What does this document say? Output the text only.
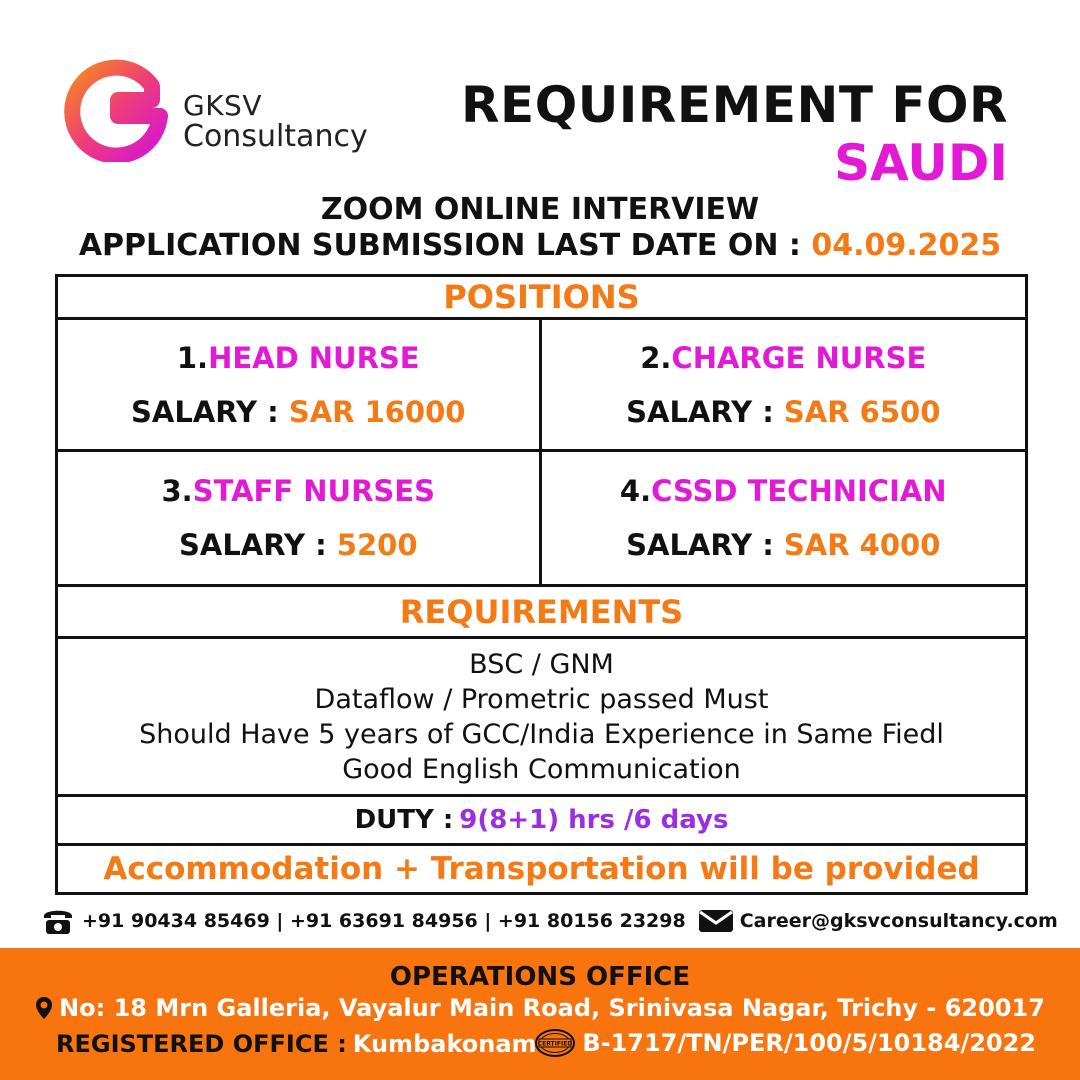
GKSV
Consultancy
REQUIREMENT FOR
SAUDI
ZOOM ONLINE INTERVIEW
APPLICATION SUBMISSION LAST DATE ON : 04.09.2025
POSITIONS
1.HEAD NURSE
SALARY : SAR 16000
2.CHARGE NURSE
SALARY : SAR 6500
3.STAFF NURSES
SALARY : 5200
4.CSSD TECHNICIAN
SALARY : SAR 4000
REQUIREMENTS
BSC / GNM
Dataflow / Prometric passed Must
Should Have 5 years of GCC/India Experience in Same Fiedl
Good English Communication
DUTY : 9(8+1) hrs /6 days
Accommodation + Transportation will be provided
+91 90434 85469 | +91 63691 84956 | +91 80156 23298	Career@gksvconsultancy.com
OPERATIONS OFFICE
No: 18 Mrn Galleria, Vayalur Main Road, Srinivasa Nagar, Trichy - 620017
REGISTERED OFFICE : Kumbakonam CERTIFIED B-1717/TN/PER/100/5/10184/2022
